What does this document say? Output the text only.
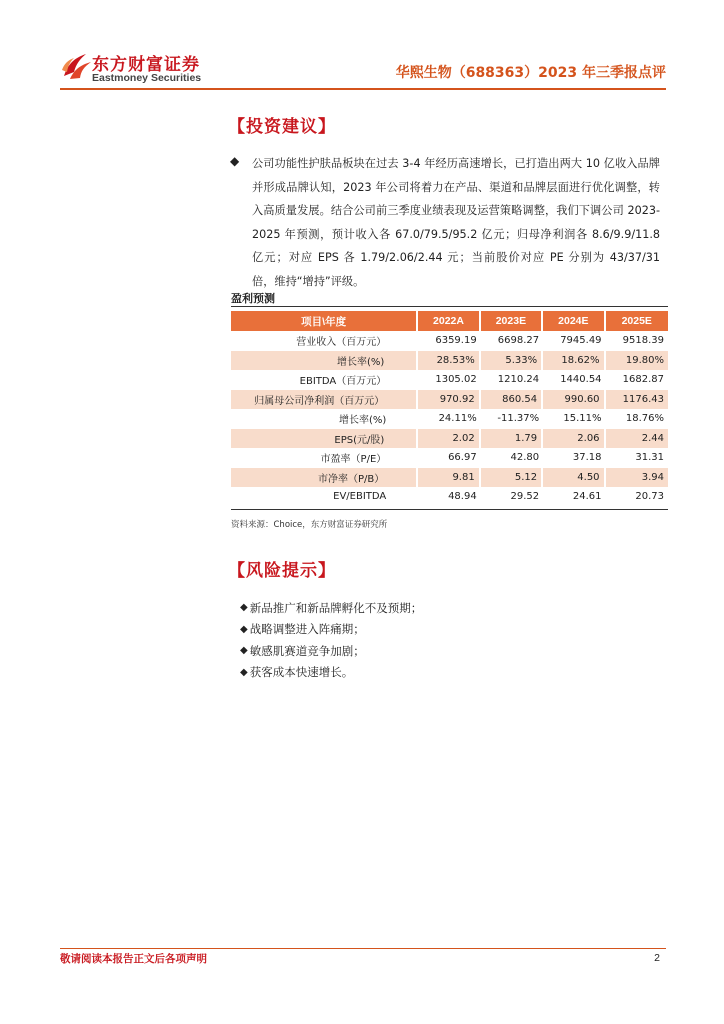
东方财富证券
Eastmoney Securities	华熙生物（688363）2023 年三季报点评
【投资建议】
◆ 公司功能性护肤品板块在过去 3-4 年经历高速增长，已打造出两大 10 亿收入品牌并形成品牌认知，2023 年公司将着力在产品、渠道和品牌层面进行优化调整，转入高质量发展。结合公司前三季度业绩表现及运营策略调整，我们下调公司 2023-2025 年预测，预计收入各 67.0/79.5/95.2 亿元；归母净利润各 8.6/9.9/11.8 亿元；对应 EPS 各 1.79/2.06/2.44 元；当前股价对应 PE 分别为 43/37/31 倍，维持“增持”评级。

盈利预测
项目\年度	2022A	2023E	2024E	2025E
营业收入（百万元）	6359.19	6698.27	7945.49	9518.39
增长率(%)	28.53%	5.33%	18.62%	19.80%
EBITDA（百万元）	1305.02	1210.24	1440.54	1682.87
归属母公司净利润（百万元）	970.92	860.54	990.60	1176.43
增长率(%)	24.11%	-11.37%	15.11%	18.76%
EPS(元/股)	2.02	1.79	2.06	2.44
市盈率（P/E）	66.97	42.80	37.18	31.31
市净率（P/B）	9.81	5.12	4.50	3.94
EV/EBITDA	48.94	29.52	24.61	20.73
资料来源：Choice，东方财富证券研究所
【风险提示】
◆ 新品推广和新品牌孵化不及预期；
◆ 战略调整进入阵痛期；
◆ 敏感肌赛道竞争加剧；
◆ 获客成本快速增长。
敬请阅读本报告正文后各项声明	2
